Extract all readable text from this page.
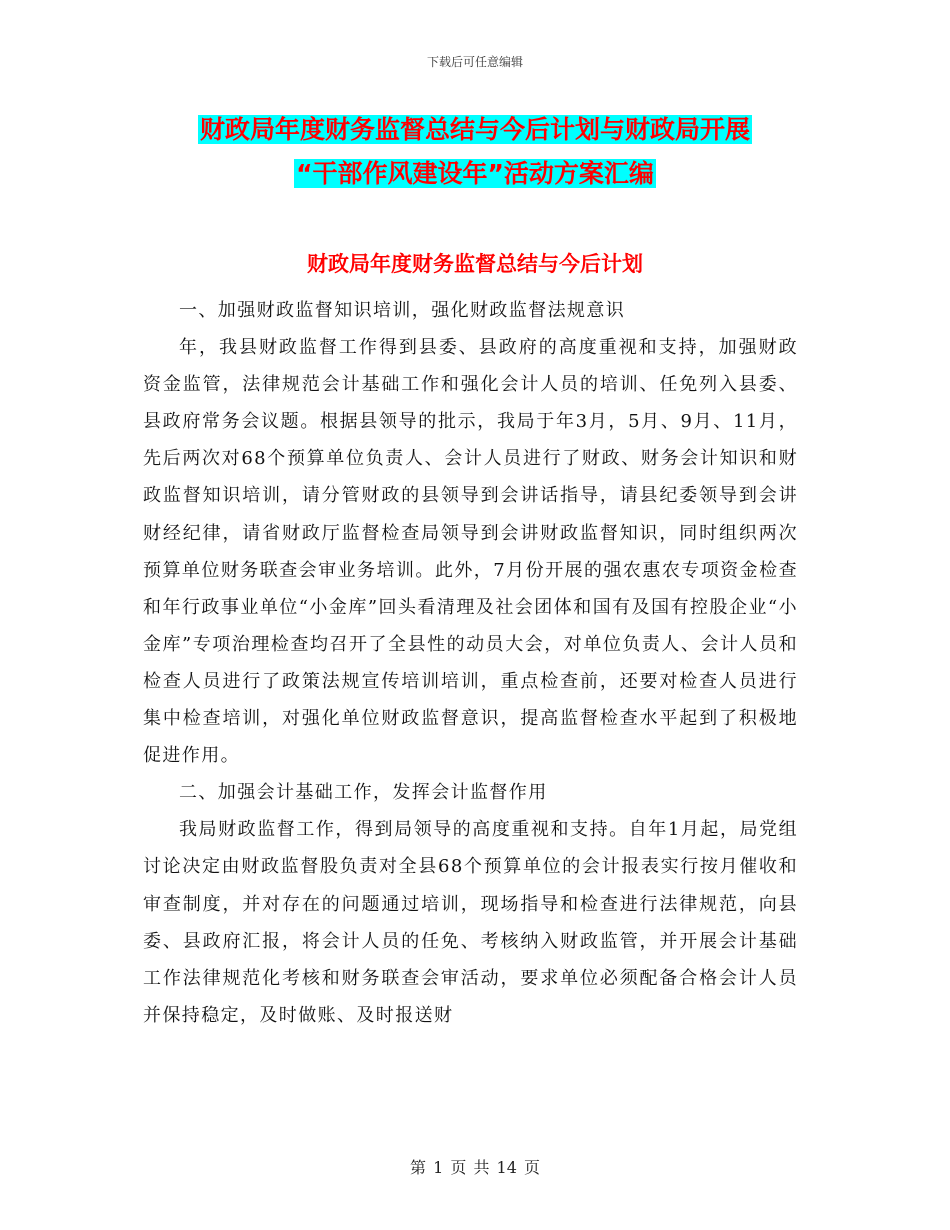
下载后可任意编辑
财政局年度财务监督总结与今后计划与财政局开展
“干部作风建设年”活动方案汇编
财政局年度财务监督总结与今后计划

一、加强财政监督知识培训，强化财政监督法规意识

年，我县财政监督工作得到县委、县政府的高度重视和支持，加强财政资金监管，法律规范会计基础工作和强化会计人员的培训、任免列入县委、县政府常务会议题。根据县领导的批示，我局于年3月，5月、9月、11月，先后两次对68个预算单位负责人、会计人员进行了财政、财务会计知识和财政监督知识培训，请分管财政的县领导到会讲话指导，请县纪委领导到会讲财经纪律，请省财政厅监督检查局领导到会讲财政监督知识，同时组织两次预算单位财务联查会审业务培训。此外，7月份开展的强农惠农专项资金检查和年行政事业单位“小金库”回头看清理及社会团体和国有及国有控股企业“小金库”专项治理检查均召开了全县性的动员大会，对单位负责人、会计人员和检查人员进行了政策法规宣传培训培训，重点检查前，还要对检查人员进行集中检查培训，对强化单位财政监督意识，提高监督检查水平起到了积极地促进作用。

二、加强会计基础工作，发挥会计监督作用

我局财政监督工作，得到局领导的高度重视和支持。自年1月起，局党组讨论决定由财政监督股负责对全县68个预算单位的会计报表实行按月催收和审查制度，并对存在的问题通过培训，现场指导和检查进行法律规范，向县委、县政府汇报，将会计人员的任免、考核纳入财政监管，并开展会计基础工作法律规范化考核和财务联查会审活动，要求单位必须配备合格会计人员并保持稳定，及时做账、及时报送财

第 1 页 共 14 页
